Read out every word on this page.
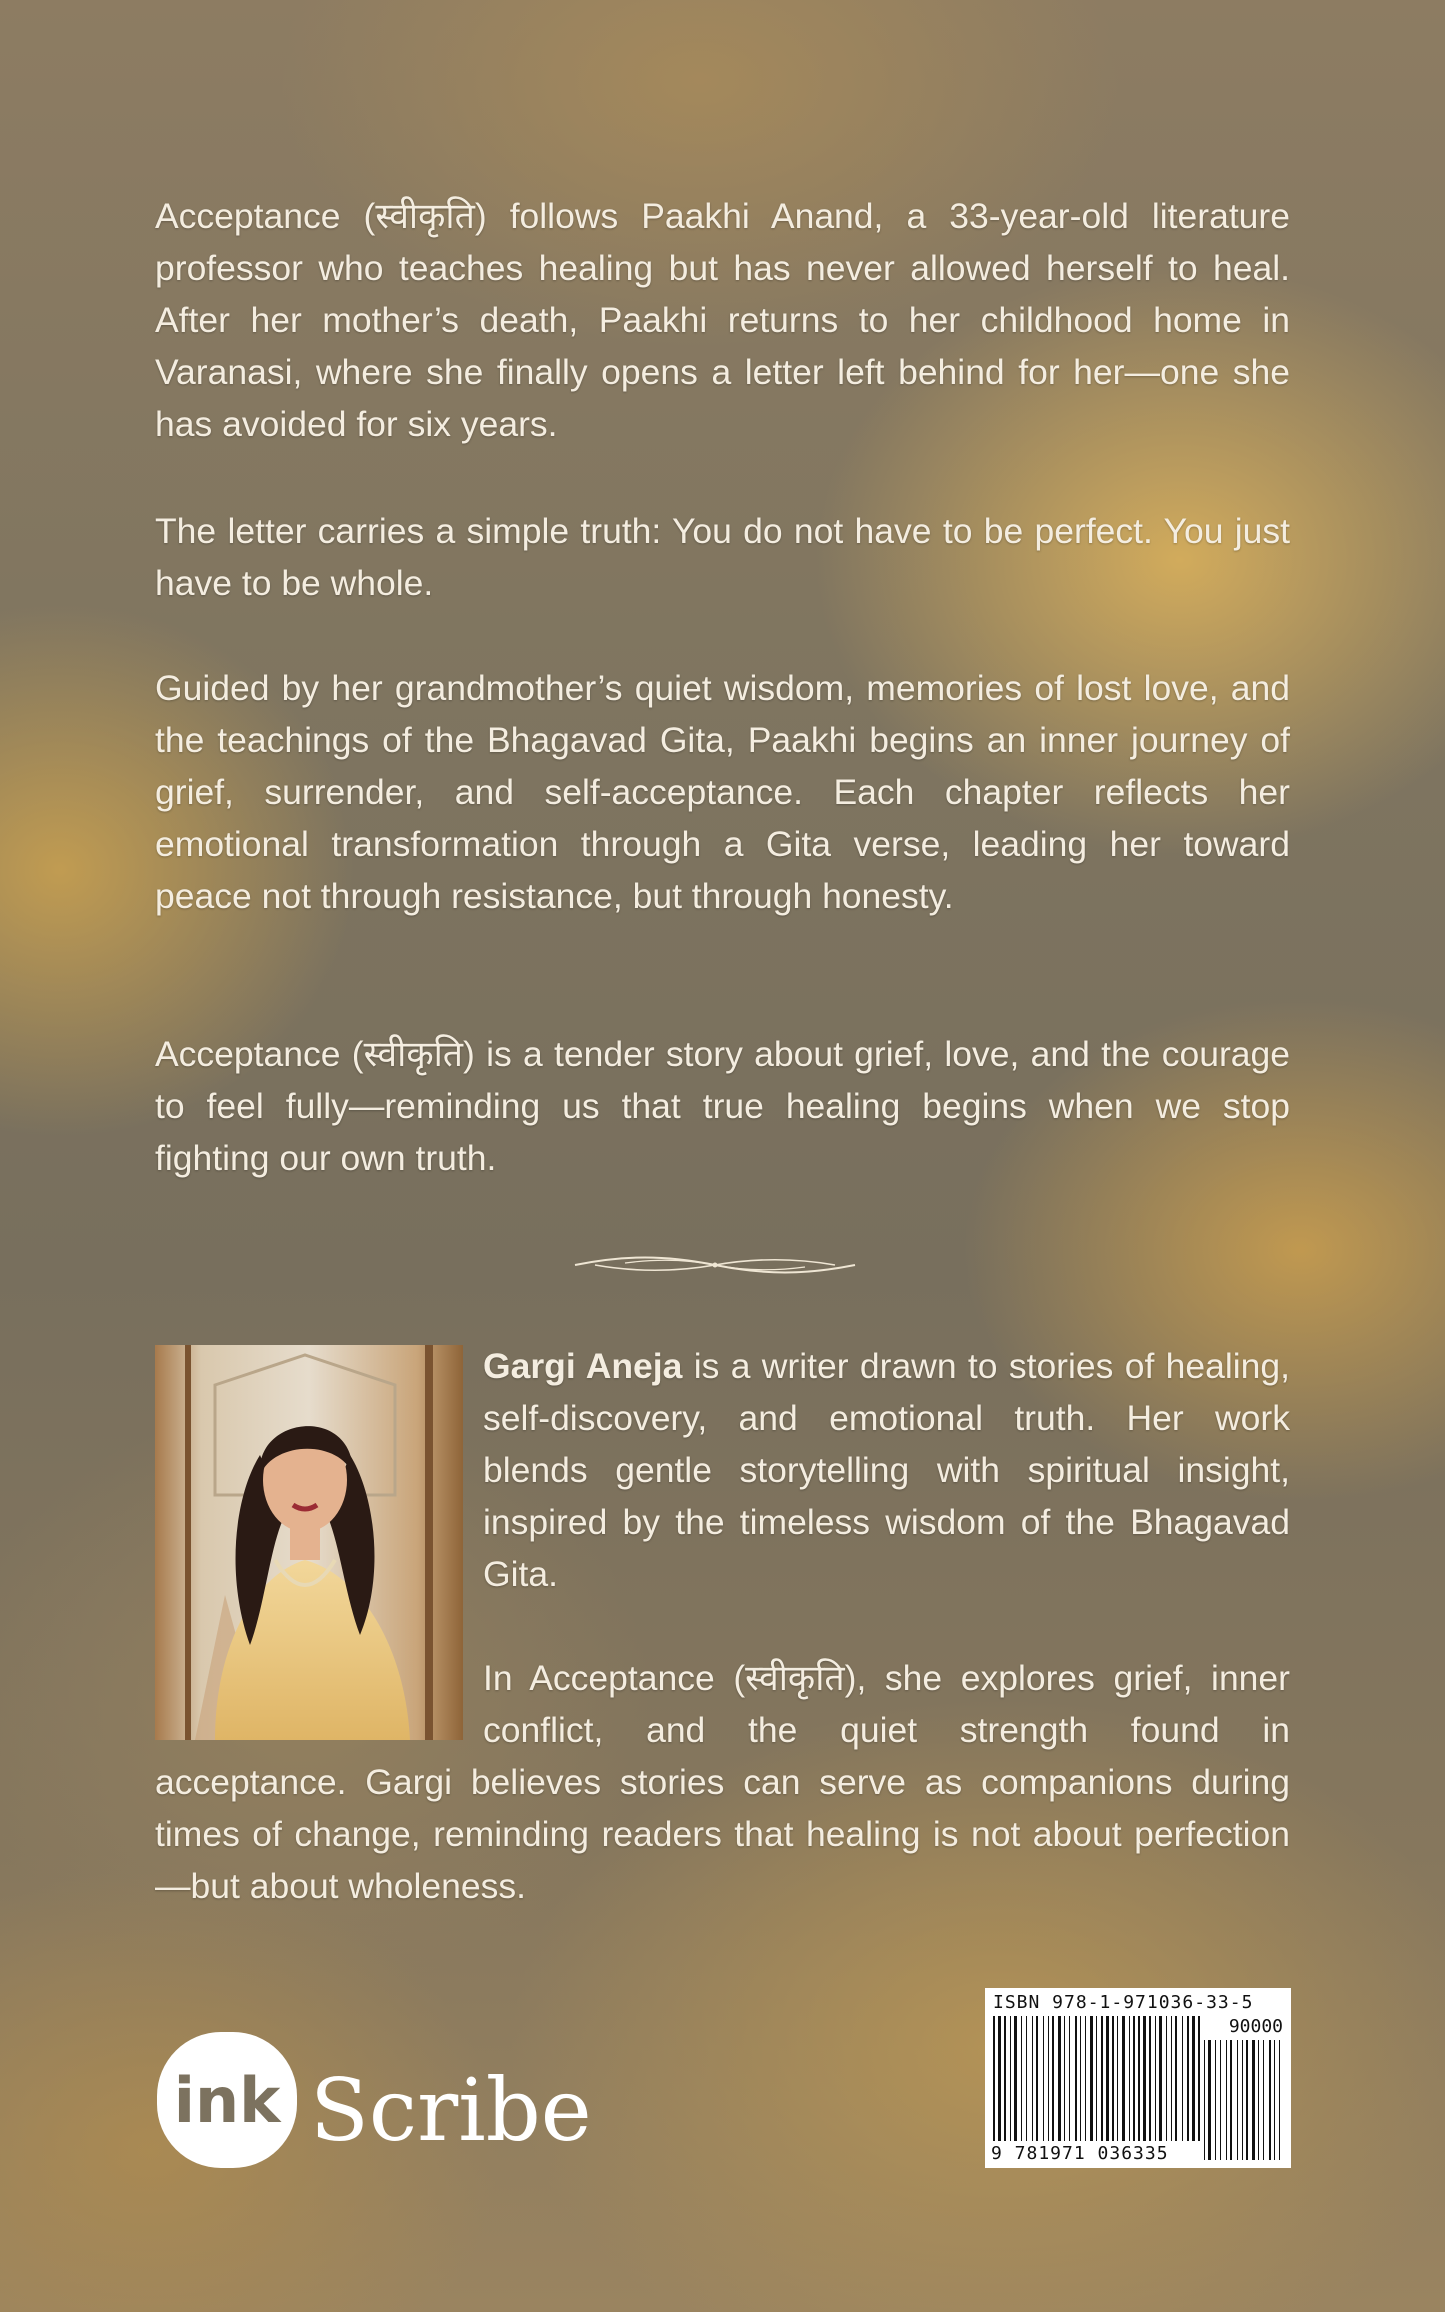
Acceptance (स्वीकृति) follows Paakhi Anand, a 33-year-old literature professor who teaches healing but has never allowed herself to heal. After her mother’s death, Paakhi returns to her childhood home in Varanasi, where she finally opens a letter left behind for her—one she has avoided for six years.

The letter carries a simple truth: You do not have to be perfect. You just have to be whole.

Guided by her grandmother’s quiet wisdom, memories of lost love, and the teachings of the Bhagavad Gita, Paakhi begins an inner journey of grief, surrender, and self-acceptance. Each chapter reflects her emotional transformation through a Gita verse, leading her toward peace not through resistance, but through honesty.

Acceptance (स्वीकृति) is a tender story about grief, love, and the courage to feel fully—reminding us that true healing begins when we stop fighting our own truth.

Gargi Aneja is a writer drawn to stories of healing, self-discovery, and emotional truth. Her work blends gentle storytelling with spiritual insight, inspired by the timeless wisdom of the Bhagavad Gita.

In Acceptance (स्वीकृति), she explores grief, inner conflict, and the quiet strength found in acceptance. Gargi believes stories can serve as companions during times of change, reminding readers that healing is not about perfection—but about wholeness.

ink Scribe
ISBN 978-1-971036-33-5
90000
9 781971 036335
